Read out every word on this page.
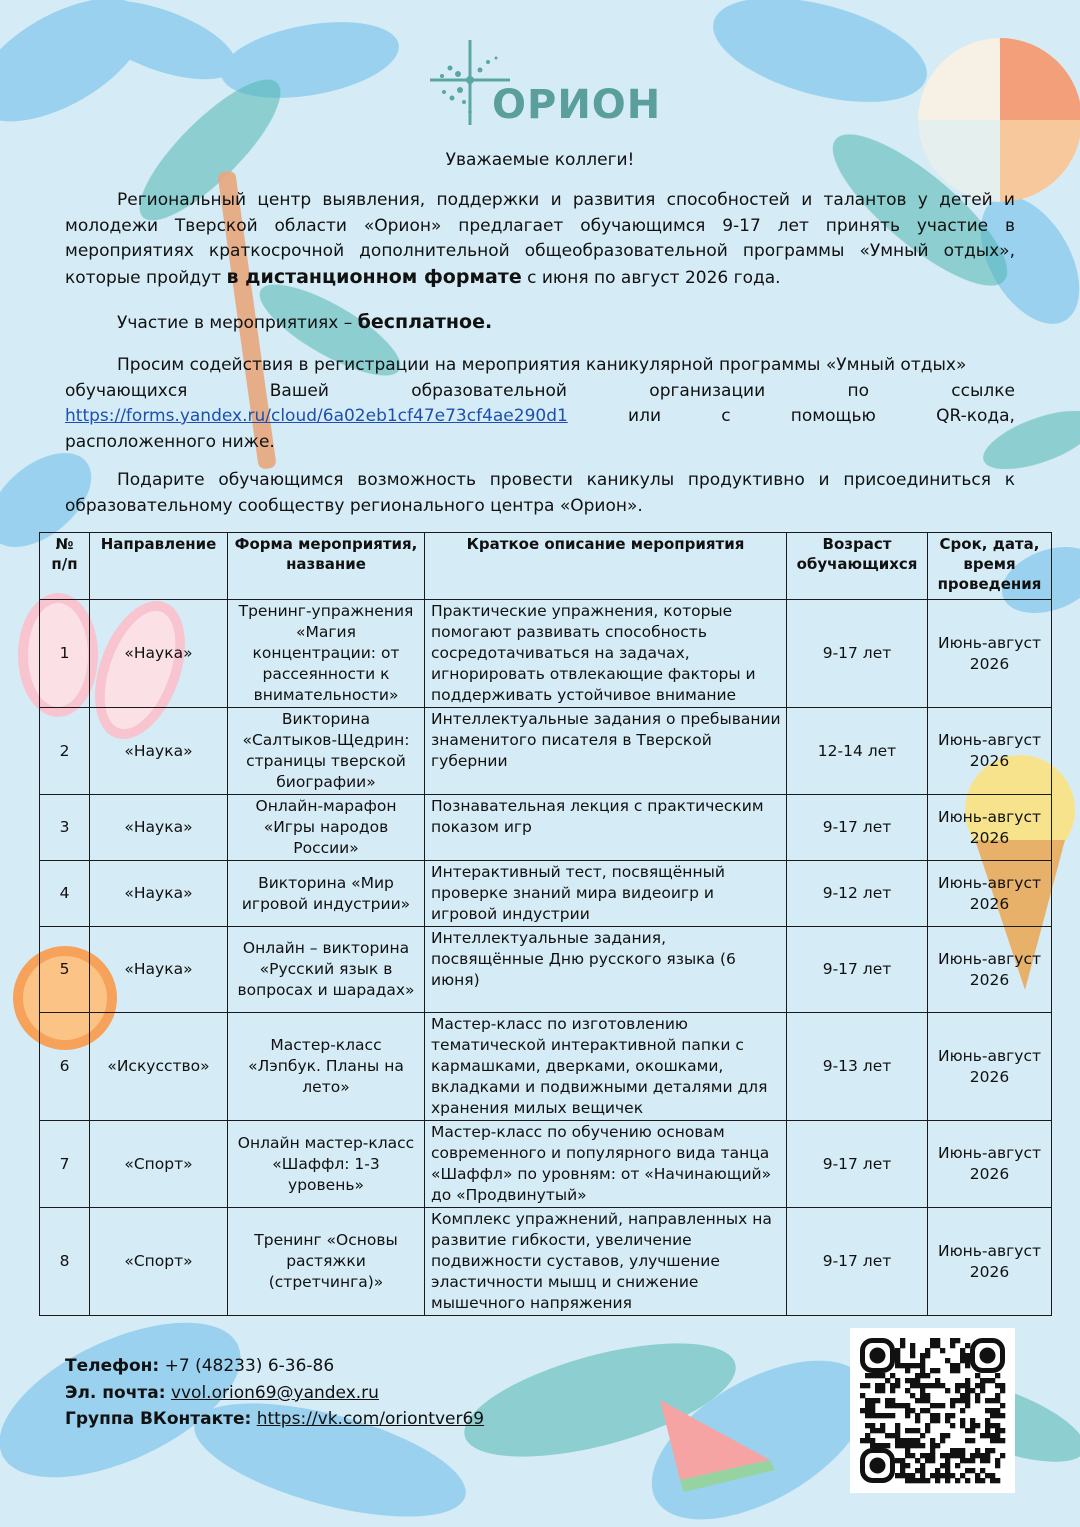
ОРИОН
Уважаемые коллеги!
Региональный центр выявления, поддержки и развития способностей и талантов у детей и молодежи Тверской области «Орион» предлагает обучающимся 9-17 лет принять участие в мероприятиях краткосрочной дополнительной общеобразовательной программы «Умный отдых», которые пройдут в дистанционном формате с июня по август 2026 года.
Участие в мероприятиях – бесплатное.
Просим содействия в регистрации на мероприятия каникулярной программы «Умный отдых»
обучающихся	Вашей	образовательной	организации	по	ссылке
https://forms.yandex.ru/cloud/6a02eb1cf47e73cf4ae290d1	или	с	помощью	QR-кода,
расположенного ниже.
Подарите обучающимся возможность провести каникулы продуктивно и присоединиться к образовательному сообществу регионального центра «Орион».
№ п/п	Направление	Форма мероприятия, название	Краткое описание мероприятия	Возраст обучающихся	Срок, дата, время проведения
1	«Наука»	Тренинг-упражнения «Магия концентрации: от рассеянности к внимательности»	Практические упражнения, которые помогают развивать способность сосредотачиваться на задачах, игнорировать отвлекающие факторы и поддерживать устойчивое внимание	9-17 лет	Июнь-август 2026
2	«Наука»	Викторина «Салтыков-Щедрин: страницы тверской биографии»	Интеллектуальные задания о пребывании знаменитого писателя в Тверской губернии	12-14 лет	Июнь-август 2026
3	«Наука»	Онлайн-марафон «Игры народов России»	Познавательная лекция с практическим показом игр	9-17 лет	Июнь-август 2026
4	«Наука»	Викторина «Мир игровой индустрии»	Интерактивный тест, посвящённый проверке знаний мира видеоигр и игровой индустрии	9-12 лет	Июнь-август 2026
5	«Наука»	Онлайн – викторина «Русский язык в вопросах и шарадах»	Интеллектуальные задания, посвящённые Дню русского языка (6 июня)	9-17 лет	Июнь-август 2026
6	«Искусство»	Мастер-класс «Лэпбук. Планы на лето»	Мастер-класс по изготовлению тематической интерактивной папки с кармашками, дверками, окошками, вкладками и подвижными деталями для хранения милых вещичек	9-13 лет	Июнь-август 2026
7	«Спорт»	Онлайн мастер-класс «Шаффл: 1-3 уровень»	Мастер-класс по обучению основам современного и популярного вида танца «Шаффл» по уровням: от «Начинающий» до «Продвинутый»	9-17 лет	Июнь-август 2026
8	«Спорт»	Тренинг «Основы растяжки (стретчинга)»	Комплекс упражнений, направленных на развитие гибкости, увеличение подвижности суставов, улучшение эластичности мышц и снижение мышечного напряжения	9-17 лет	Июнь-август 2026
Телефон: +7 (48233) 6-36-86
Эл. почта: vvol.orion69@yandex.ru
Группа ВКонтакте: https://vk.com/oriontver69
